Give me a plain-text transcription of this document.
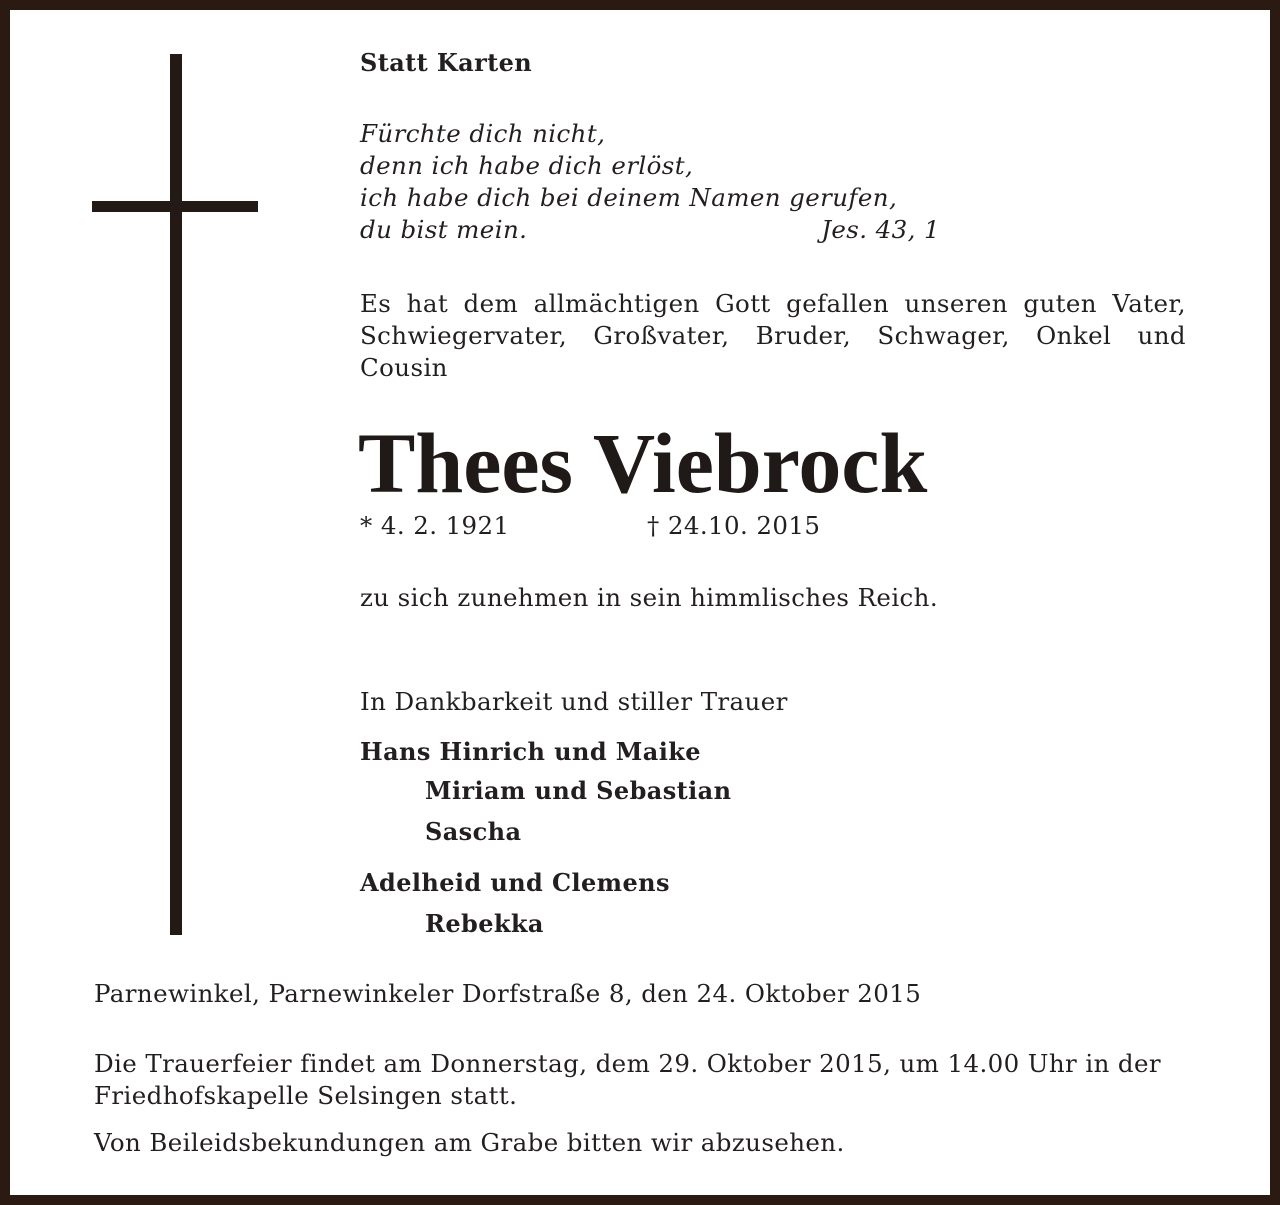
Statt Karten

Fürchte dich nicht,
denn ich habe dich erlöst,
ich habe dich bei deinem Namen gerufen,
du bist mein.	Jes. 43, 1

Es hat dem allmächtigen Gott gefallen unseren guten Vater, Schwiegervater, Großvater, Bruder, Schwager, Onkel und Cousin

Thees Viebrock

* 4. 2. 1921	† 24.10. 2015

zu sich zunehmen in sein himmlisches Reich.

In Dankbarkeit und stiller Trauer

Hans Hinrich und Maike

Miriam und Sebastian

Sascha

Adelheid und Clemens

Rebekka

Parnewinkel, Parnewinkeler Dorfstraße 8, den 24. Oktober 2015

Die Trauerfeier findet am Donnerstag, dem 29. Oktober 2015, um 14.00 Uhr in der Friedhofskapelle Selsingen statt.

Von Beileidsbekundungen am Grabe bitten wir abzusehen.
